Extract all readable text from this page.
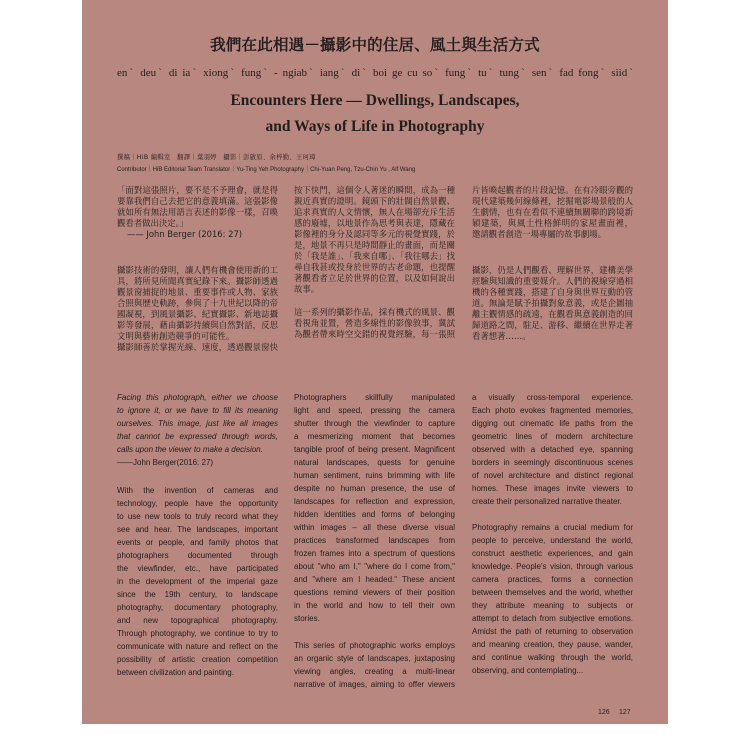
我們在此相遇－攝影中的住居、風土與生活方式
enˋ deuˋ di iaˋ xiongˋ fungˋ - ngiabˋ iangˋ diˋ boi ge cu soˋ fungˋ tuˋ tungˋ senˋ fad fongˋ siidˋ
Encounters Here — Dwellings, Landscapes,
and Ways of Life in Photography
撰稿｜HiB 編輯室　翻譯｜葉羽婷　攝影｜彭啟原、余梓勤、王珂璋
Contributor｜HiB Editorial Team Translator｜Yu-Ting Yeh Photography｜Chi-Yuan Peng, Tzu-Chin Yu , Alf Wang
「面對這張照片，要不是不予理會，就是得
要靠我們自己去把它的意義填滿。這張影像
就如所有無法用語言表述的影像一樣，召喚
觀看者做出決定。」
—— John Berger (2016: 27)
攝影技術的發明，讓人們有機會使用新的工
具，將所見所聞真實紀錄下來。攝影師透過
觀景窗捕捉的地景、重要事件或人物、家族
合照與歷史軌跡，參與了十九世紀以降的帝
國凝視，到風景攝影、紀實攝影、新地誌攝
影等發展，藉由攝影持續與自然對話，反思
文明與藝術創造競爭的可能性。
攝影師善於掌握光線、速度，透過觀景窗快
按下快門，這個令人著迷的瞬間，成為一種
親近真實的證明。鏡頭下的壯闊自然景觀、
追求真實的人文情懷，無人在場卻充斥生活
感的廢墟，以地景作為思考與表達，隱藏在
影像裡的身分及認同等多元的視覺實踐，於
是，地景不再只是時間靜止的畫面，而是關
於「我是誰」、「我來自哪」、「我往哪去」找
尋自我甚或投身於世界的古老命題，也提醒
著觀看者立足於世界的位置，以及如何說出
故事。
這一系列的攝影作品，採有機式的風景、觀
看視角並置，營造多線性的影像敘事，冀試
為觀者帶來時空交錯的視覺經驗，每一張照
片皆喚起觀者的片段記憶。在有冷眼旁觀的
現代建築幾何線條裡，挖掘電影場景般的人
生劇情，也有在看似不連續無關聯的跨境新
穎建築，與風土性格鮮明的家屋畫面裡，
邀請觀者創造一場專屬的故事劇場。
攝影，仍是人們觀看、理解世界，建構美學
經驗與知識的重要媒介。人們的視線穿過相
機的各種實踐，搭建了自身與世界互動的管
道。無論是賦予拍攝對象意義，或是企圖抽
離主觀情感的疏遠，在觀看與意義創造的回
歸道路之間，駐足、游移、繼續在世界走著
看著想著……。
Facing this photograph, either we choose
to ignore it, or we have to fill its meaning
ourselves. This image, just like all images
that cannot be expressed through words,
calls upon the viewer to make a decision.
——John Berger(2016: 27)
With the invention of cameras and
technology, people have the opportunity
to use new tools to truly record what they
see and hear. The landscapes, important
events or people, and family photos that
photographers documented through
the viewfinder, etc., have participated
in the development of the imperial gaze
since the 19th century, to landscape
photography, documentary photography,
and new topographical photography.
Through photography, we continue to try to
communicate with nature and reflect on the
possibility of artistic creation competition
between civilization and painting.
Photographers skillfully manipulated
light and speed, pressing the camera
shutter through the viewfinder to capture
a mesmerizing moment that becomes
tangible proof of being present. Magnificent
natural landscapes, quests for genuine
human sentiment, ruins brimming with life
despite no human presence, the use of
landscapes for reflection and expression,
hidden identities and forms of belonging
within images – all these diverse visual
practices transformed landscapes from
frozen frames into a spectrum of questions
about "who am I," "where do I come from,"
and "where am I headed." These ancient
questions remind viewers of their position
in the world and how to tell their own
stories.
This series of photographic works employs
an organic style of landscapes, juxtaposing
viewing angles, creating a multi-linear
narrative of images, aiming to offer viewers
a visually cross-temporal experience.
Each photo evokes fragmented memories,
digging out cinematic life paths from the
geometric lines of modern architecture
observed with a detached eye, spanning
borders in seemingly discontinuous scenes
of novel architecture and distinct regional
homes. These images invite viewers to
create their personalized narrative theater.
Photography remains a crucial medium for
people to perceive, understand the world,
construct aesthetic experiences, and gain
knowledge. People's vision, through various
camera practices, forms a connection
between themselves and the world, whether
they attribute meaning to subjects or
attempt to detach from subjective emotions.
Amidst the path of returning to observation
and meaning creation, they pause, wander,
and continue walking through the world,
observing, and contemplating...
126 127
